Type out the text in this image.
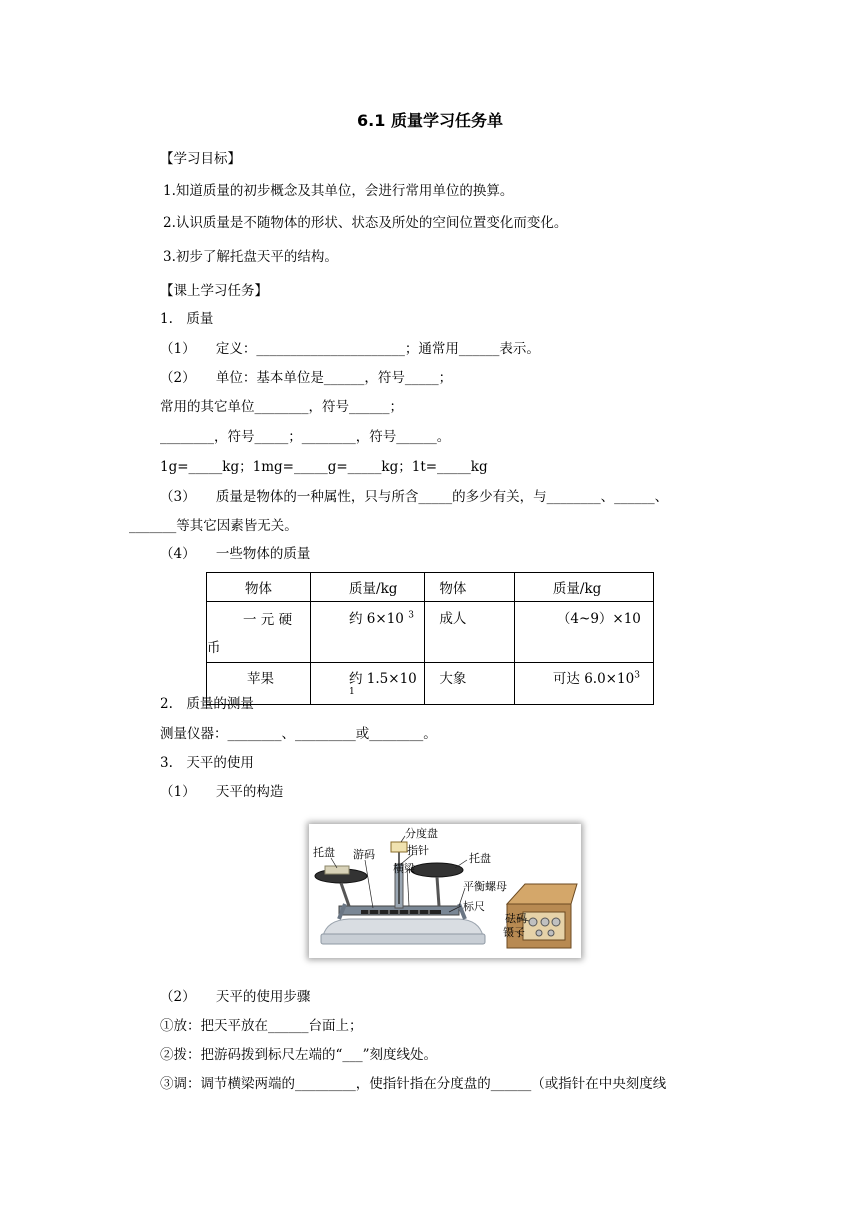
6.1 质量学习任务单
【学习目标】
1.知道质量的初步概念及其单位，会进行常用单位的换算。
2.认识质量是不随物体的形状、状态及所处的空间位置变化而变化。
3.初步了解托盘天平的结构。
【课上学习任务】
1.　质量
（1）　　定义：______________________；通常用______表示。
（2）　　单位：基本单位是______，符号_____；
常用的其它单位________，符号______；
________，符号_____；________，符号______。
1g=_____kg；1mg=_____g=_____kg；1t=_____kg
（3）　　质量是物体的一种属性，只与所含_____的多少有关，与________、______、
_______等其它因素皆无关。
（4）　　一些物体的质量
物体	质量/kg	物体	质量/kg

一 元 硬
币	约 6×10 $^3$	成人	（4~9）×10

苹果	约 1.5×10 $^1$	大象	可达 $6.0\times 10^3$
2.　质量的测量
测量仪器：________、_________或________。
3.　天平的使用
（1）　　天平的构造
分度盘
托盘 游码	指针
横梁
托盘
平衡螺母
标尺
砝码
镊子
（2）　　天平的使用步骤
①放：把天平放在______台面上；
②拨：把游码拨到标尺左端的“___”刻度线处。
③调：调节横梁两端的_________，使指针指在分度盘的______（或指针在中央刻度线
